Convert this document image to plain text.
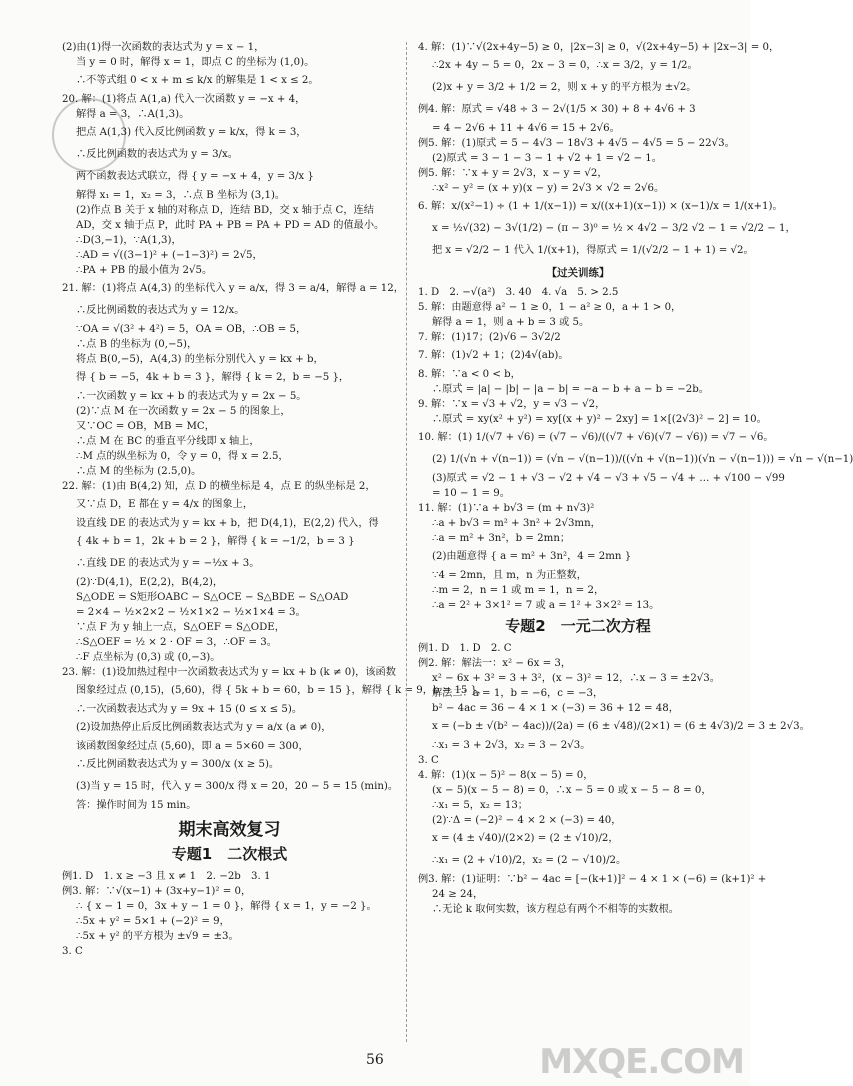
(2)由(1)得一次函数的表达式为 y = x − 1，
当 y = 0 时，解得 x = 1，即点 C 的坐标为 (1,0)。
∴不等式组 0 < x + m ≤ k/x 的解集是 1 < x ≤ 2。
20. 解：(1)将点 A(1,a) 代入一次函数 y = −x + 4，
解得 a = 3，∴A(1,3)。
把点 A(1,3) 代入反比例函数 y = k/x，得 k = 3，
∴反比例函数的表达式为 y = 3/x。
两个函数表达式联立，得 { y = −x + 4，y = 3/x }
解得 x₁ = 1，x₂ = 3，∴点 B 坐标为 (3,1)。
(2)作点 B 关于 x 轴的对称点 D，连结 BD，交 x 轴于点 C，连结
AD，交 x 轴于点 P，此时 PA + PB = PA + PD = AD 的值最小。
∴D(3,−1)，∵A(1,3)，
∴AD = √((3−1)² + (−1−3)²) = 2√5，
∴PA + PB 的最小值为 2√5。
21. 解：(1)将点 A(4,3) 的坐标代入 y = a/x，得 3 = a/4，解得 a = 12，
∴反比例函数的表达式为 y = 12/x。
∵OA = √(3² + 4²) = 5，OA = OB，∴OB = 5，
∴点 B 的坐标为 (0,−5)，
将点 B(0,−5)，A(4,3) 的坐标分别代入 y = kx + b，
得 { b = −5，4k + b = 3 }，解得 { k = 2，b = −5 }，
∴一次函数 y = kx + b 的表达式为 y = 2x − 5。
(2)∵点 M 在一次函数 y = 2x − 5 的图象上，
又∵OC = OB，MB = MC，
∴点 M 在 BC 的垂直平分线即 x 轴上，
∴M 点的纵坐标为 0，令 y = 0，得 x = 2.5，
∴点 M 的坐标为 (2.5,0)。
22. 解：(1)由 B(4,2) 知，点 D 的横坐标是 4，点 E 的纵坐标是 2，
又∵点 D，E 都在 y = 4/x 的图象上，
设直线 DE 的表达式为 y = kx + b，把 D(4,1)，E(2,2) 代入，得
{ 4k + b = 1，2k + b = 2 }，解得 { k = −1/2，b = 3 }
∴直线 DE 的表达式为 y = −½x + 3。
(2)∵D(4,1)，E(2,2)，B(4,2)，
S△ODE = S矩形OABC − S△OCE − S△BDE − S△OAD
= 2×4 − ½×2×2 − ½×1×2 − ½×1×4 = 3。
∵点 F 为 y 轴上一点，S△OEF = S△ODE，
∴S△OEF = ½ × 2 · OF = 3，∴OF = 3。
∴F 点坐标为 (0,3) 或 (0,−3)。
23. 解：(1)设加热过程中一次函数表达式为 y = kx + b (k ≠ 0)，该函数
图象经过点 (0,15)，(5,60)，得 { 5k + b = 60，b = 15 }，解得 { k = 9，b = 15 }，
∴一次函数表达式为 y = 9x + 15 (0 ≤ x ≤ 5)。
(2)设加热停止后反比例函数表达式为 y = a/x (a ≠ 0)，
该函数图象经过点 (5,60)，即 a = 5×60 = 300，
∴反比例函数表达式为 y = 300/x (x ≥ 5)。
(3)当 y = 15 时，代入 y = 300/x 得 x = 20，20 − 5 = 15 (min)。
答：操作时间为 15 min。
期末高效复习
专题1　二次根式
例1. D　1. x ≥ −3 且 x ≠ 1　2. −2b　3. 1
例3. 解：∵√(x−1) + (3x+y−1)² = 0，
∴ { x − 1 = 0，3x + y − 1 = 0 }，解得 { x = 1，y = −2 }。
∴5x + y² = 5×1 + (−2)² = 9，
∴5x + y² 的平方根为 ±√9 = ±3。
3. C
4. 解：(1)∵√(2x+4y−5) ≥ 0，|2x−3| ≥ 0，√(2x+4y−5) + |2x−3| = 0，
∴2x + 4y − 5 = 0，2x − 3 = 0，∴x = 3/2，y = 1/2。
(2)x + y = 3/2 + 1/2 = 2，则 x + y 的平方根为 ±√2。
例4. 解：原式 = √48 ÷ 3 − 2√(1/5 × 30) + 8 + 4√6 + 3
= 4 − 2√6 + 11 + 4√6 = 15 + 2√6。
例5. 解：(1)原式 = 5 − 4√3 − 18√3 + 4√5 − 4√5 = 5 − 22√3。
(2)原式 = 3 − 1 − 3 − 1 + √2 + 1 = √2 − 1。
例5. 解：∵x + y = 2√3，x − y = √2，
∴x² − y² = (x + y)(x − y) = 2√3 × √2 = 2√6。
6. 解：x/(x²−1) ÷ (1 + 1/(x−1)) = x/((x+1)(x−1)) × (x−1)/x = 1/(x+1)。
x = ½√(32) − 3√(1/2) − (π − 3)⁰ = ½ × 4√2 − 3/2 √2 − 1 = √2/2 − 1，
把 x = √2/2 − 1 代入 1/(x+1)，得原式 = 1/(√2/2 − 1 + 1) = √2。
【过关训练】
1. D　2. −√(a²)　3. 40　4. √a　5. > 2.5
5. 解：由题意得 a² − 1 ≥ 0，1 − a² ≥ 0，a + 1 > 0，
解得 a = 1，则 a + b = 3 或 5。
7. 解：(1)17；(2)√6 − 3√2/2
7. 解：(1)√2 + 1；(2)4√(ab)。
8. 解：∵a < 0 < b，
∴原式 = |a| − |b| − |a − b| = −a − b + a − b = −2b。
9. 解：∵x = √3 + √2，y = √3 − √2，
∴原式 = xy(x² + y²) = xy[(x + y)² − 2xy] = 1×[(2√3)² − 2] = 10。
10. 解：(1) 1/(√7 + √6) = (√7 − √6)/((√7 + √6)(√7 − √6)) = √7 − √6。
(2) 1/(√n + √(n−1)) = (√n − √(n−1))/((√n + √(n−1))(√n − √(n−1))) = √n − √(n−1)
(3)原式 = √2 − 1 + √3 − √2 + √4 − √3 + √5 − √4 + … + √100 − √99
= 10 − 1 = 9。
11. 解：(1)∵a + b√3 = (m + n√3)²
∴a + b√3 = m² + 3n² + 2√3mn，
∴a = m² + 3n²，b = 2mn；
(2)由题意得 { a = m² + 3n²，4 = 2mn }
∵4 = 2mn，且 m，n 为正整数，
∴m = 2，n = 1 或 m = 1，n = 2，
∴a = 2² + 3×1² = 7 或 a = 1² + 3×2² = 13。
专题2　一元二次方程
例1. D　1. D　2. C
例2. 解：解法一：x² − 6x = 3，
x² − 6x + 3² = 3 + 3²，(x − 3)² = 12，∴x − 3 = ±2√3。
解法二：a = 1，b = −6，c = −3，
b² − 4ac = 36 − 4 × 1 × (−3) = 36 + 12 = 48，
x = (−b ± √(b² − 4ac))/(2a) = (6 ± √48)/(2×1) = (6 ± 4√3)/2 = 3 ± 2√3。
∴x₁ = 3 + 2√3，x₂ = 3 − 2√3。
3. C
4. 解：(1)(x − 5)² − 8(x − 5) = 0，
(x − 5)(x − 5 − 8) = 0，∴x − 5 = 0 或 x − 5 − 8 = 0，
∴x₁ = 5，x₂ = 13；
(2)∵Δ = (−2)² − 4 × 2 × (−3) = 40，
x = (4 ± √40)/(2×2) = (2 ± √10)/2，
∴x₁ = (2 + √10)/2，x₂ = (2 − √10)/2。
例3. 解：(1)证明：∵b² − 4ac = [−(k+1)]² − 4 × 1 × (−6) = (k+1)² +
24 ≥ 24，
∴无论 k 取何实数，该方程总有两个不相等的实数根。
56	MXQE.COM
